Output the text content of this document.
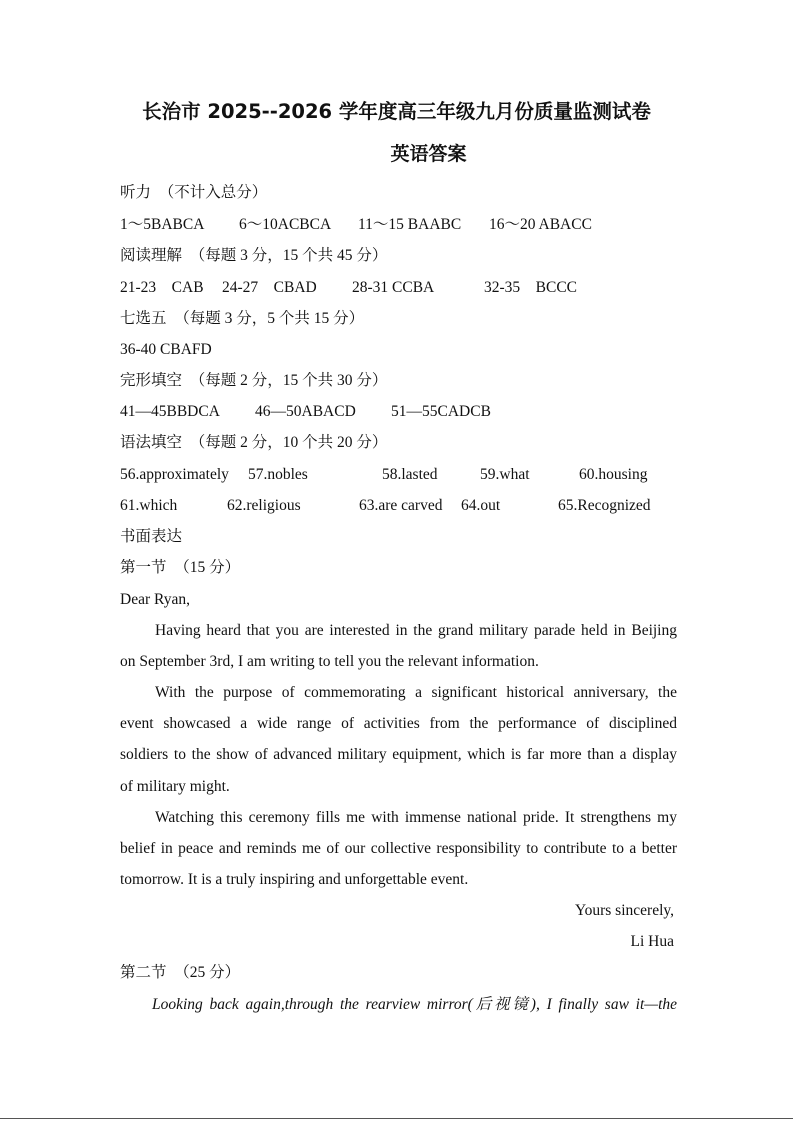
长治市 2025--2026 学年度高三年级九月份质量监测试卷
英语答案
听力　（不计入总分）
1～5BABCA 6～10ACBCA 11～15 BAABC 16～20 ABACC
阅读理解　（每题 3 分，15 个共 45 分）
21-23　CAB 24-27　CBAD 28-31 CCBA	32-35　BCCC
七选五　（每题 3 分，5 个共 15 分）
36-40 CBAFD
完形填空　（每题 2 分，15 个共 30 分）
41—45BBDCA 46—50ABACD 51—55CADCB
语法填空　（每题 2 分，10 个共 20 分）
56.approximately 57.nobles	58.lasted	59.what	60.housing
61.which	62.religious	63.are carved 64.out	65.Recognized
书面表达
第一节　（15 分）
Dear Ryan,
Having heard that you are interested in the grand military parade held in Beijing
on September 3rd, I am writing to tell you the relevant information.
With the purpose of commemorating a significant historical anniversary, the
event showcased a wide range of activities from the performance of disciplined
soldiers to the show of advanced military equipment, which is far more than a display
of military might.
Watching this ceremony fills me with immense national pride. It strengthens my
belief in peace and reminds me of our collective responsibility to contribute to a better
tomorrow. It is a truly inspiring and unforgettable event.
Yours sincerely,
Li Hua
第二节　（25 分）
Looking back again,through the rearview mirror(后视镜), I finally saw it—the
